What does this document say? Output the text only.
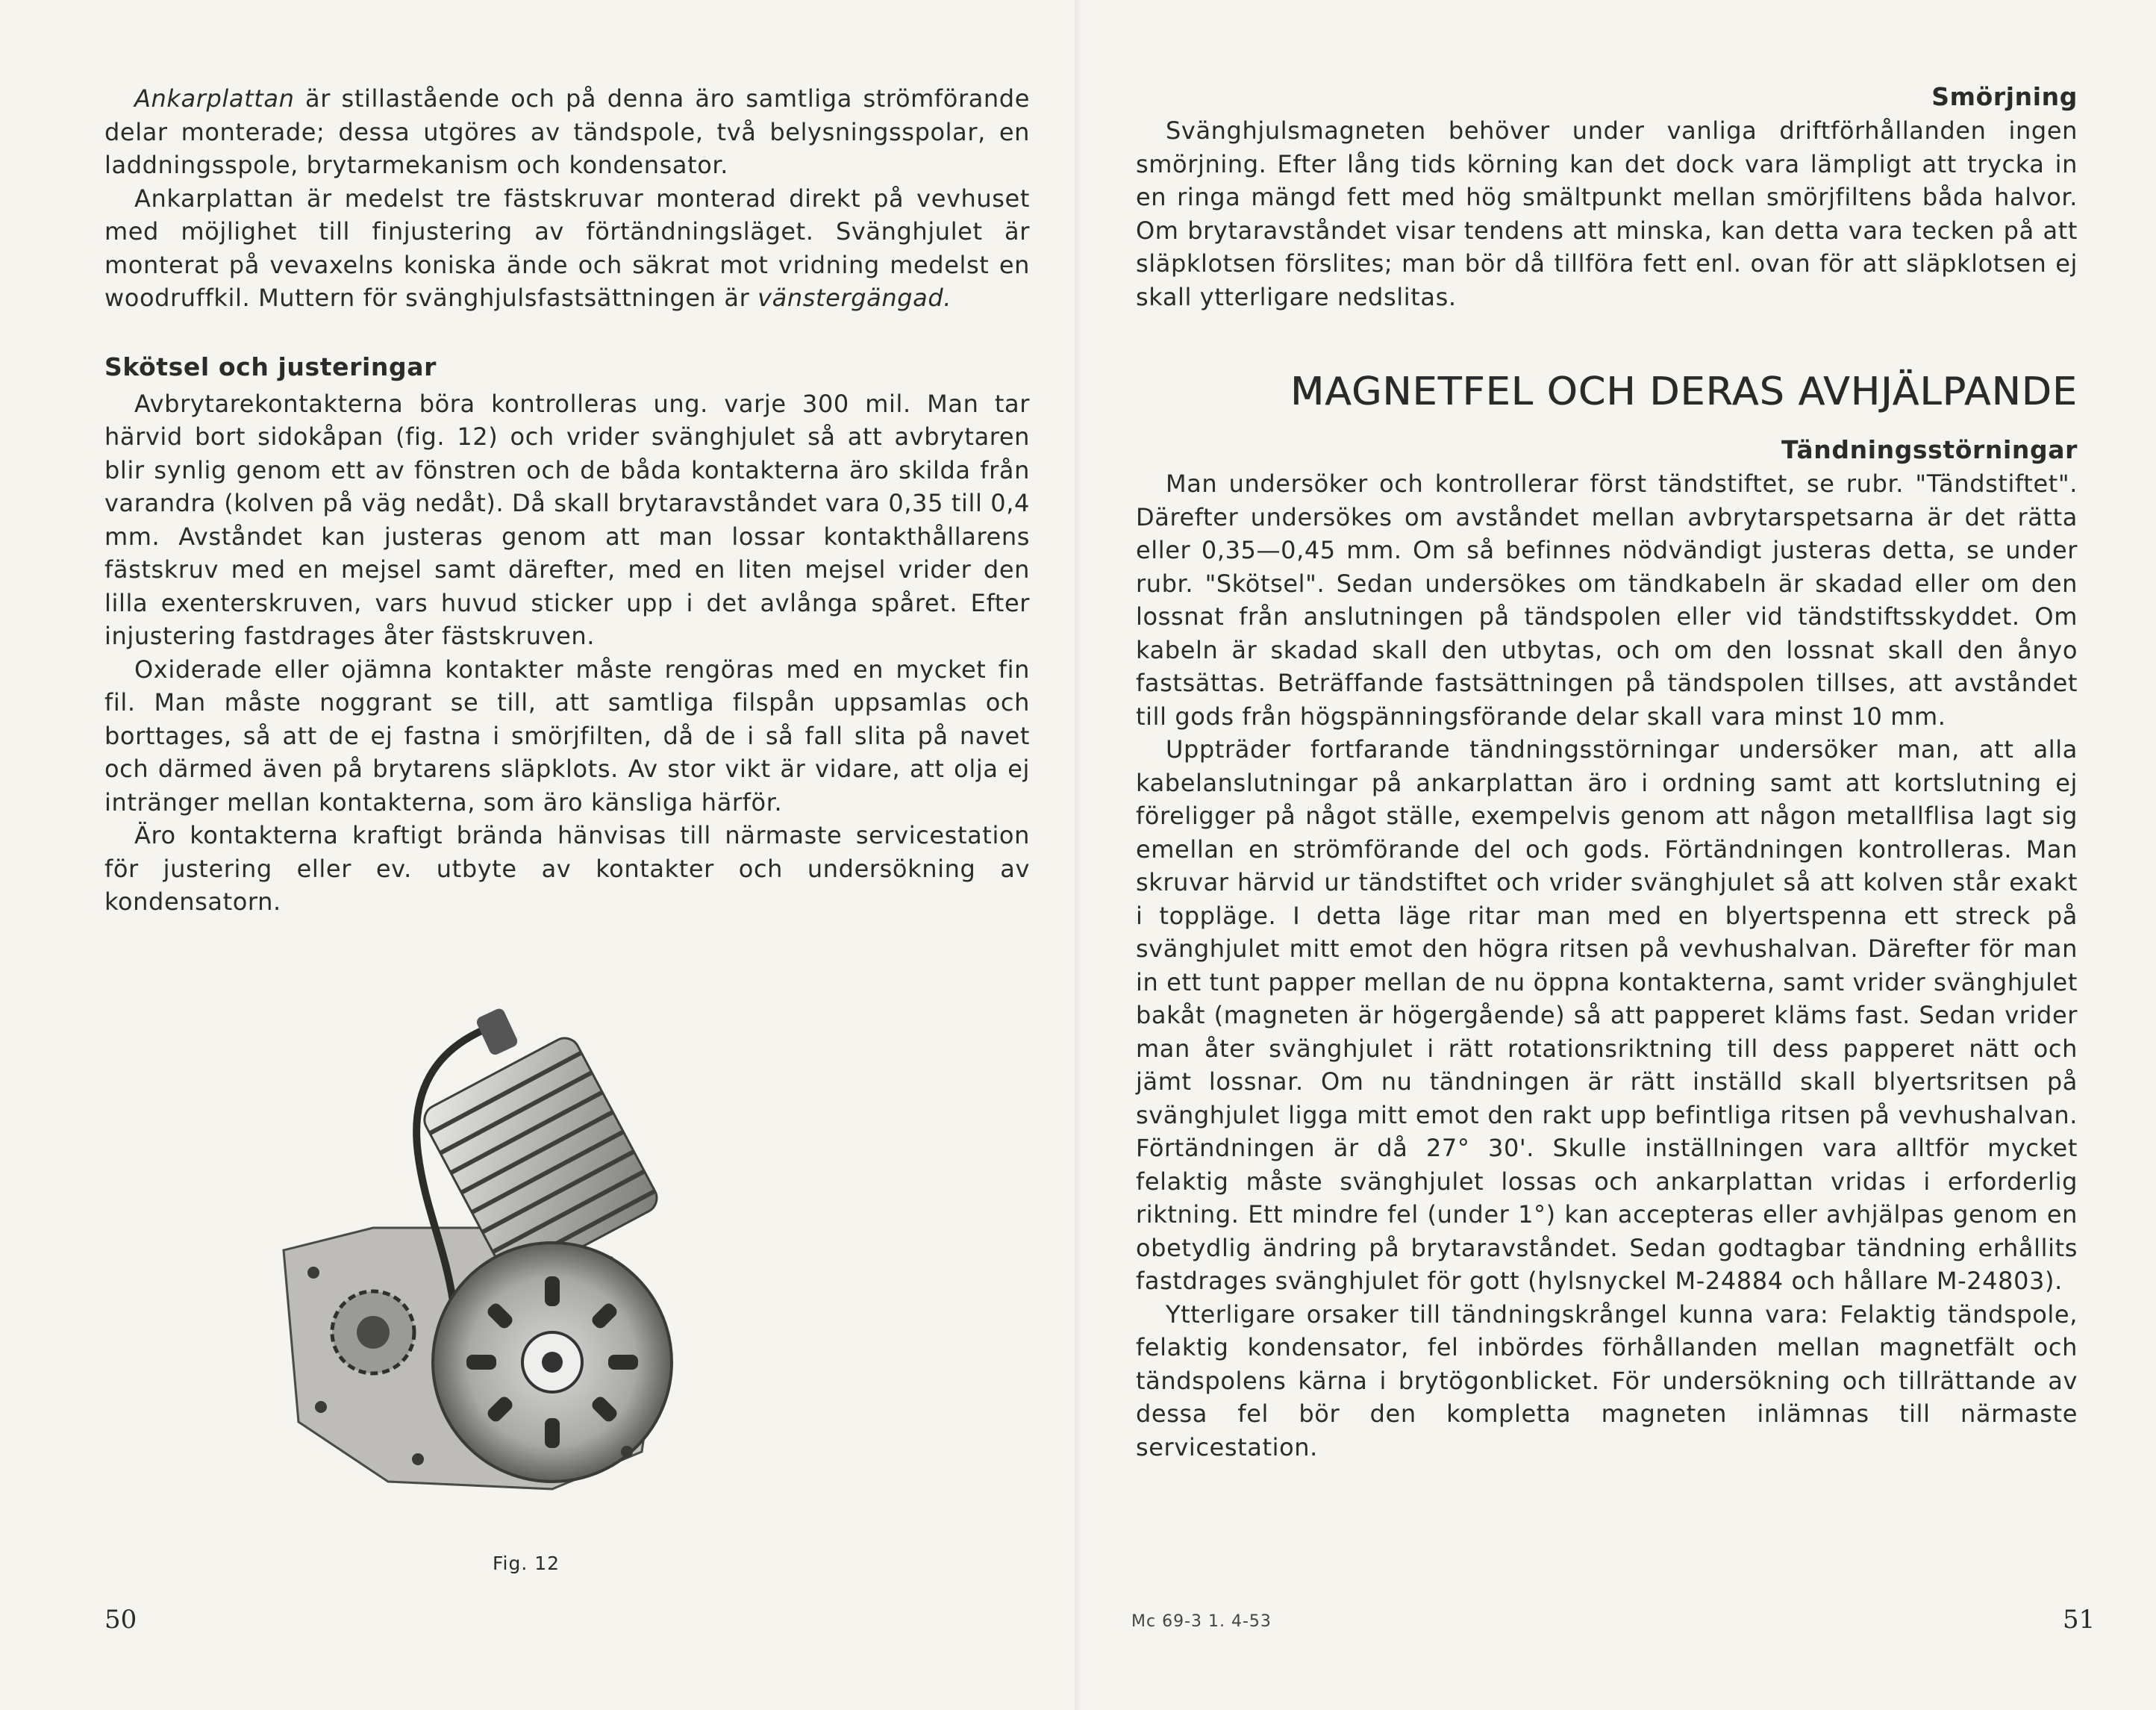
Ankarplattan är stillastående och på denna äro samtliga strömförande delar monterade; dessa utgöres av tändspole, två belysningsspolar, en laddningsspole, brytarmekanism och kondensator.

Ankarplattan är medelst tre fästskruvar monterad direkt på vevhuset med möjlighet till finjustering av förtändningsläget. Svänghjulet är monterat på vevaxelns koniska ände och säkrat mot vridning medelst en woodruffkil. Muttern för svänghjulsfastsättningen är vänstergängad.

Skötsel och justeringar

Avbrytarekontakterna böra kontrolleras ung. varje 300 mil. Man tar härvid bort sidokåpan (fig. 12) och vrider svänghjulet så att avbrytaren blir synlig genom ett av fönstren och de båda kontakterna äro skilda från varandra (kolven på väg nedåt). Då skall brytaravståndet vara 0,35 till 0,4 mm. Avståndet kan justeras genom att man lossar kontakthållarens fästskruv med en mejsel samt därefter, med en liten mejsel vrider den lilla exenterskruven, vars huvud sticker upp i det avlånga spåret. Efter injustering fastdrages åter fästskruven.

Oxiderade eller ojämna kontakter måste rengöras med en mycket fin fil. Man måste noggrant se till, att samtliga filspån uppsamlas och borttages, så att de ej fastna i smörjfilten, då de i så fall slita på navet och därmed även på brytarens släpklots. Av stor vikt är vidare, att olja ej intränger mellan kontakterna, som äro känsliga härför.

Äro kontakterna kraftigt brända hänvisas till närmaste servicestation för justering eller ev. utbyte av kontakter och undersökning av kondensatorn.

Fig. 12
50
Smörjning

Svänghjulsmagneten behöver under vanliga driftförhållanden ingen smörjning. Efter lång tids körning kan det dock vara lämpligt att trycka in en ringa mängd fett med hög smältpunkt mellan smörjfiltens båda halvor. Om brytaravståndet visar tendens att minska, kan detta vara tecken på att släpklotsen förslites; man bör då tillföra fett enl. ovan för att släpklotsen ej skall ytterligare nedslitas.

MAGNETFEL OCH DERAS AVHJÄLPANDE
Tändningsstörningar

Man undersöker och kontrollerar först tändstiftet, se rubr. "Tändstiftet". Därefter undersökes om avståndet mellan avbrytarspetsarna är det rätta eller 0,35—0,45 mm. Om så befinnes nödvändigt justeras detta, se under rubr. "Skötsel". Sedan undersökes om tändkabeln är skadad eller om den lossnat från anslutningen på tändspolen eller vid tändstiftsskyddet. Om kabeln är skadad skall den utbytas, och om den lossnat skall den ånyo fastsättas. Beträffande fastsättningen på tändspolen tillses, att avståndet till gods från högspänningsförande delar skall vara minst 10 mm.

Uppträder fortfarande tändningsstörningar undersöker man, att alla kabelanslutningar på ankarplattan äro i ordning samt att kortslutning ej föreligger på något ställe, exempelvis genom att någon metallflisa lagt sig emellan en strömförande del och gods. Förtändningen kontrolleras. Man skruvar härvid ur tändstiftet och vrider svänghjulet så att kolven står exakt i toppläge. I detta läge ritar man med en blyertspenna ett streck på svänghjulet mitt emot den högra ritsen på vevhushalvan. Därefter för man in ett tunt papper mellan de nu öppna kontakterna, samt vrider svänghjulet bakåt (magneten är högergående) så att papperet kläms fast. Sedan vrider man åter svänghjulet i rätt rotationsriktning till dess papperet nätt och jämt lossnar. Om nu tändningen är rätt inställd skall blyertsritsen på svänghjulet ligga mitt emot den rakt upp befintliga ritsen på vevhushalvan. Förtändningen är då 27° 30'. Skulle inställningen vara alltför mycket felaktig måste svänghjulet lossas och ankarplattan vridas i erforderlig riktning. Ett mindre fel (under 1°) kan accepteras eller avhjälpas genom en obetydlig ändring på brytaravståndet. Sedan godtagbar tändning erhållits fastdrages svänghjulet för gott (hylsnyckel M-24884 och hållare M-24803).

Ytterligare orsaker till tändningskrångel kunna vara: Felaktig tändspole, felaktig kondensator, fel inbördes förhållanden mellan magnetfält och tändspolens kärna i brytögonblicket. För undersökning och tillrättande av dessa fel bör den kompletta magneten inlämnas till närmaste servicestation.

Mc 69-3 1. 4-53	51
